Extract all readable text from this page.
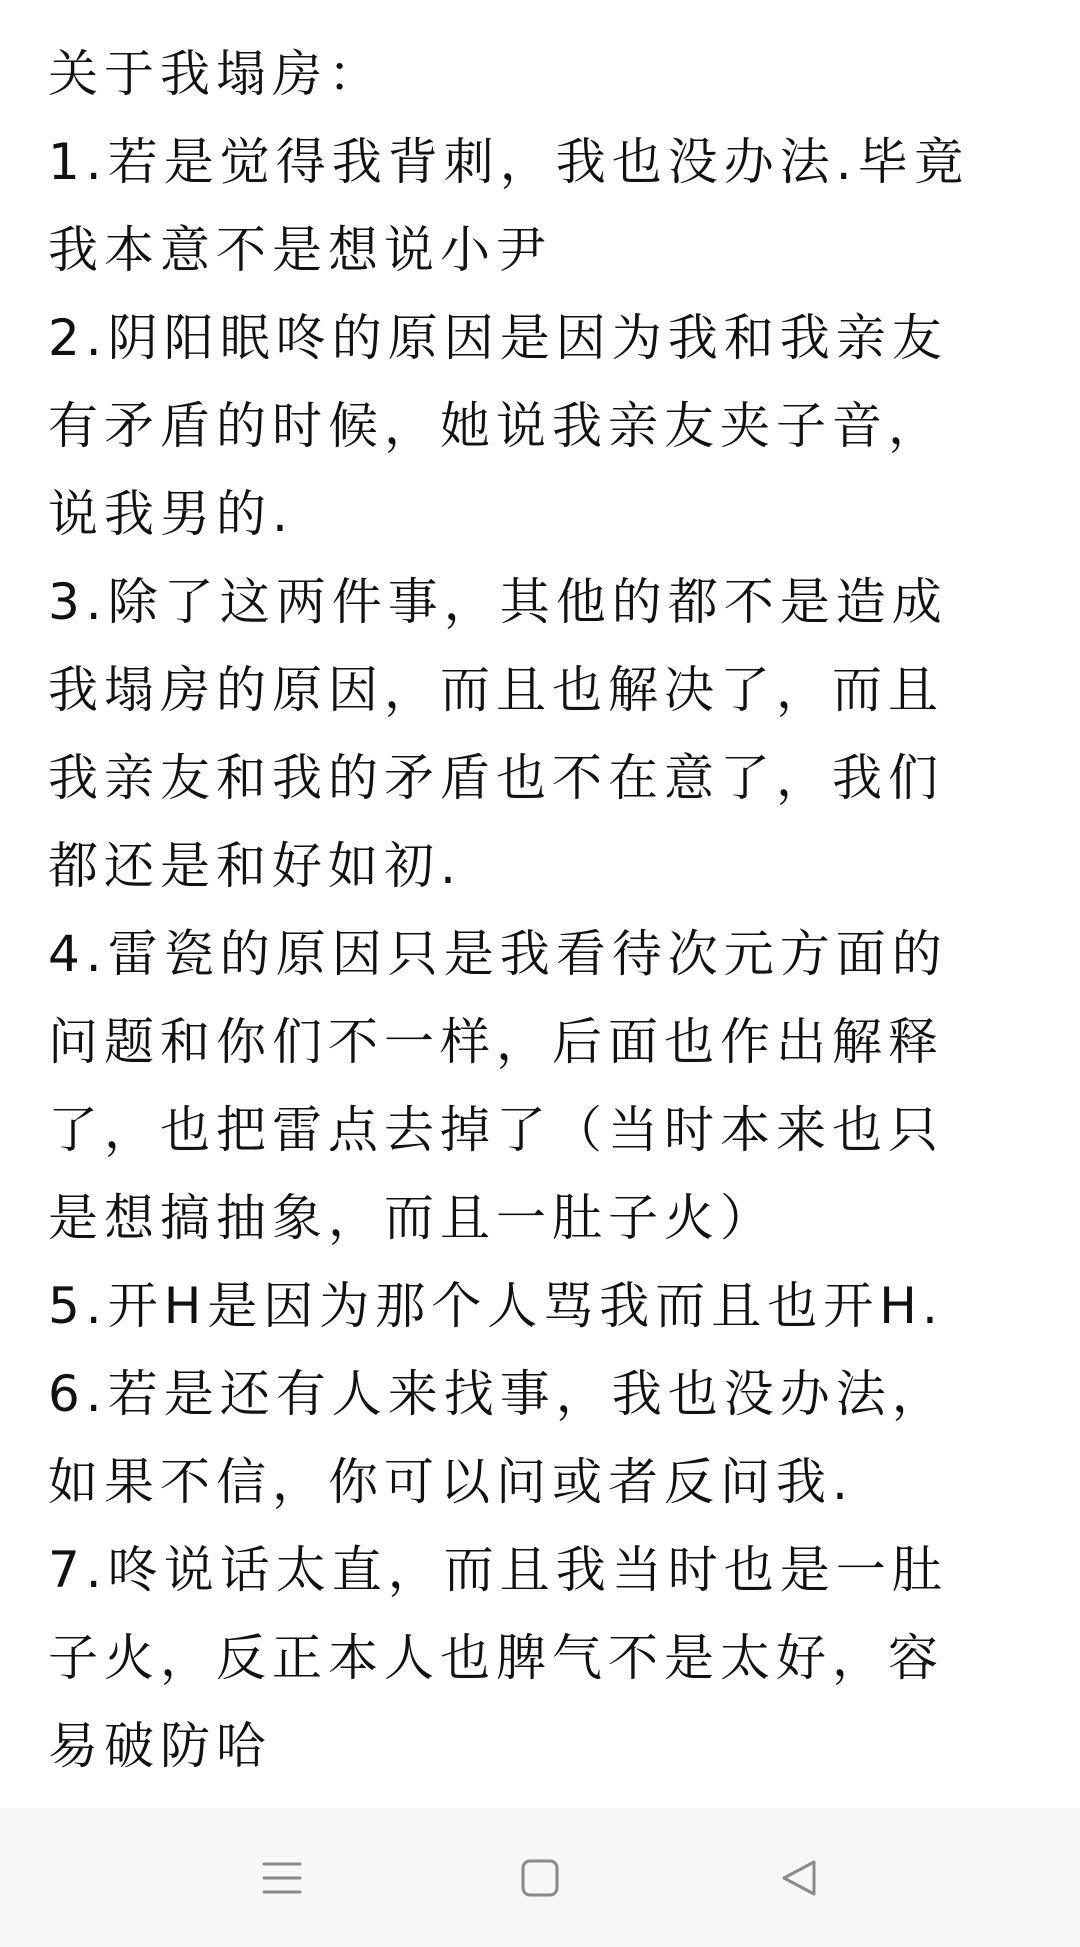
关于我塌房：
1.若是觉得我背刺，我也没办法.毕竟
我本意不是想说小尹
2.阴阳眠咚的原因是因为我和我亲友
有矛盾的时候，她说我亲友夹子音，
说我男的.
3.除了这两件事，其他的都不是造成
我塌房的原因，而且也解决了，而且
我亲友和我的矛盾也不在意了，我们
都还是和好如初.
4.雷瓷的原因只是我看待次元方面的
问题和你们不一样，后面也作出解释
了，也把雷点去掉了（当时本来也只
是想搞抽象，而且一肚子火）
5.开H是因为那个人骂我而且也开H.
6.若是还有人来找事，我也没办法，
如果不信，你可以问或者反问我.
7.咚说话太直，而且我当时也是一肚
子火，反正本人也脾气不是太好，容
易破防哈
